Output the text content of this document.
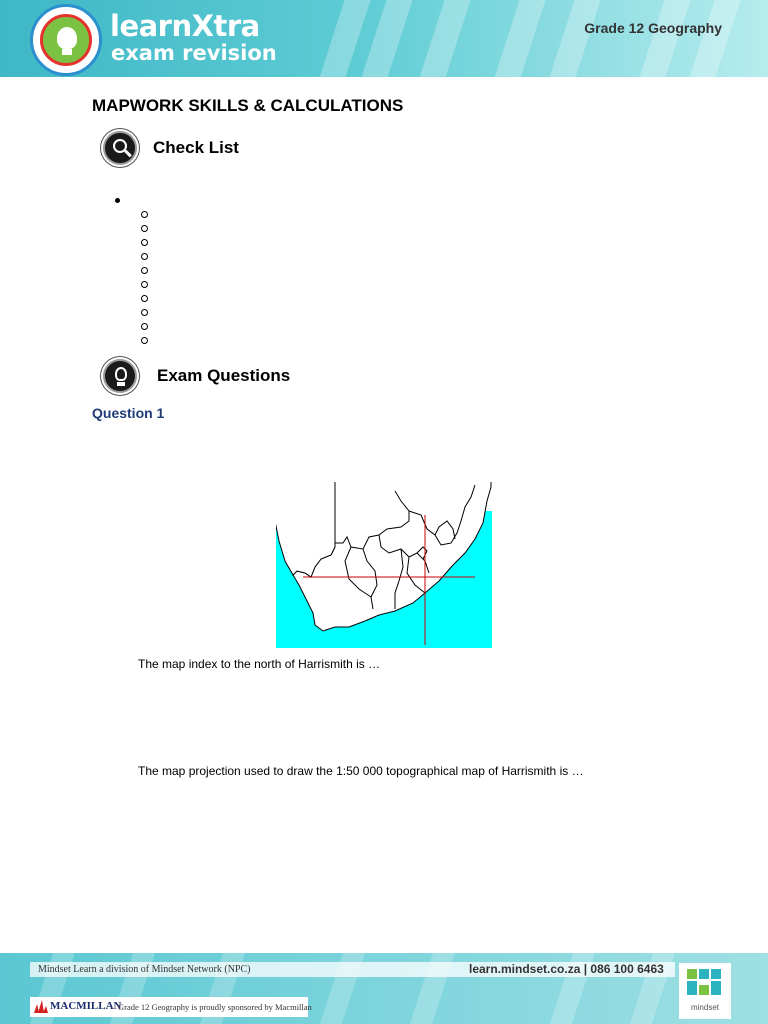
learnXtra
exam revision
Grade 12 Geography
MAPWORK SKILLS & CALCULATIONS
Check List
Exam Questions
Question 1
The map index to the north of Harrismith is …
The map projection used to draw the 1:50 000 topographical map of Harrismith is …
Mindset Learn a division of Mindset Network (NPC)	learn.mindset.co.za | 086 100 6463
MACMILLAN
Grade 12 Geography is proudly sponsored by Macmillan	mindset
